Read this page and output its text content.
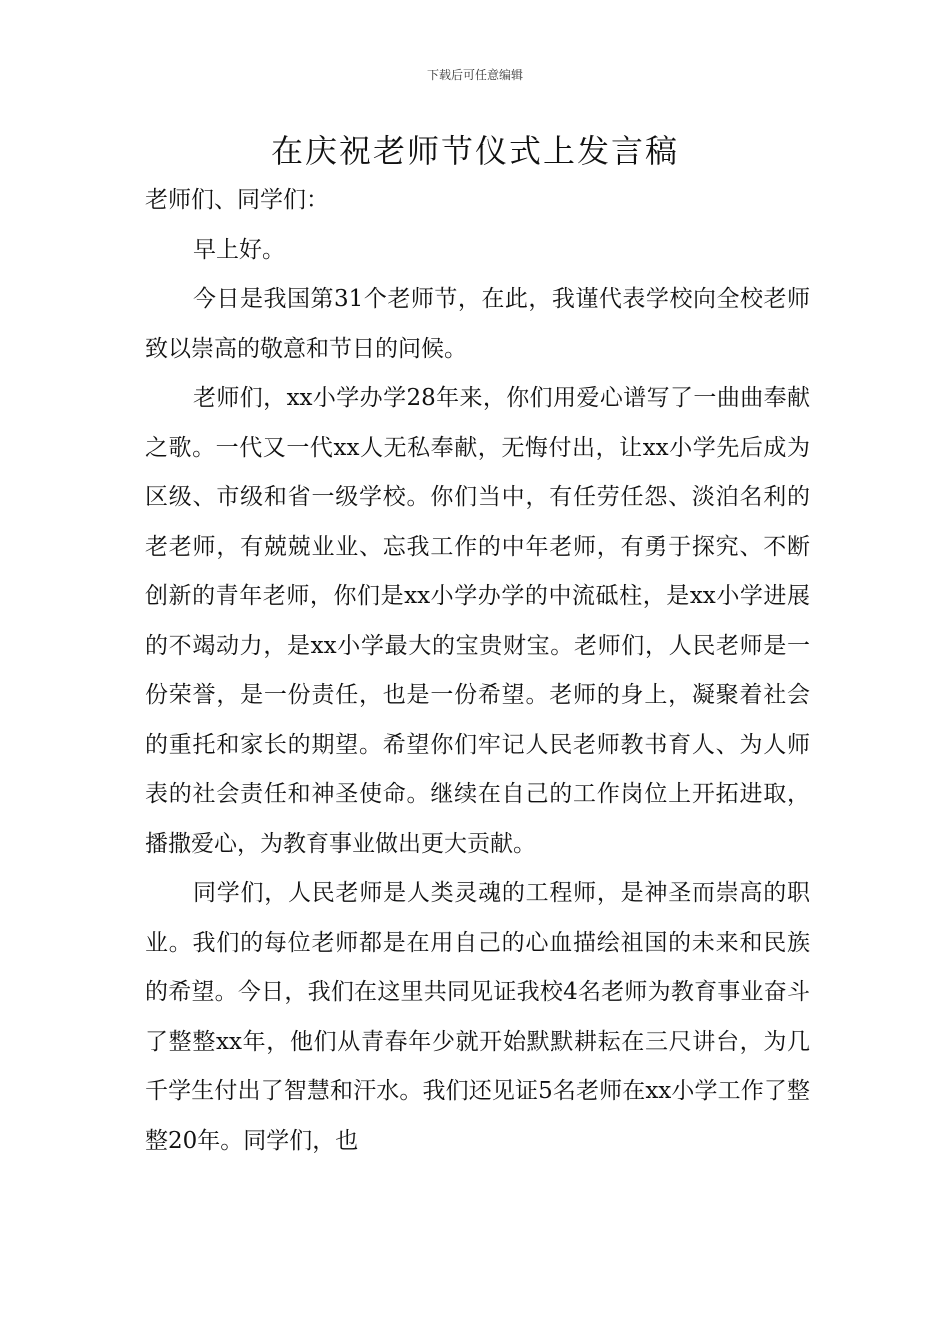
下载后可任意编辑
在庆祝老师节仪式上发言稿

老师们、同学们：

早上好。

今日是我国第31个老师节，在此，我谨代表学校向全校老师致以崇高的敬意和节日的问候。

老师们，xx小学办学28年来，你们用爱心谱写了一曲曲奉献之歌。一代又一代xx人无私奉献，无悔付出，让xx小学先后成为区级、市级和省一级学校。你们当中，有任劳任怨、淡泊名利的老老师，有兢兢业业、忘我工作的中年老师，有勇于探究、不断创新的青年老师，你们是xx小学办学的中流砥柱，是xx小学进展的不竭动力，是xx小学最大的宝贵财宝。老师们，人民老师是一份荣誉，是一份责任，也是一份希望。老师的身上，凝聚着社会的重托和家长的期望。希望你们牢记人民老师教书育人、为人师表的社会责任和神圣使命。继续在自己的工作岗位上开拓进取，播撒爱心，为教育事业做出更大贡献。

同学们，人民老师是人类灵魂的工程师，是神圣而崇高的职业。我们的每位老师都是在用自己的心血描绘祖国的未来和民族的希望。今日，我们在这里共同见证我校4名老师为教育事业奋斗了整整xx年，他们从青春年少就开始默默耕耘在三尺讲台，为几千学生付出了智慧和汗水。我们还见证5名老师在xx小学工作了整整20年。同学们，也
